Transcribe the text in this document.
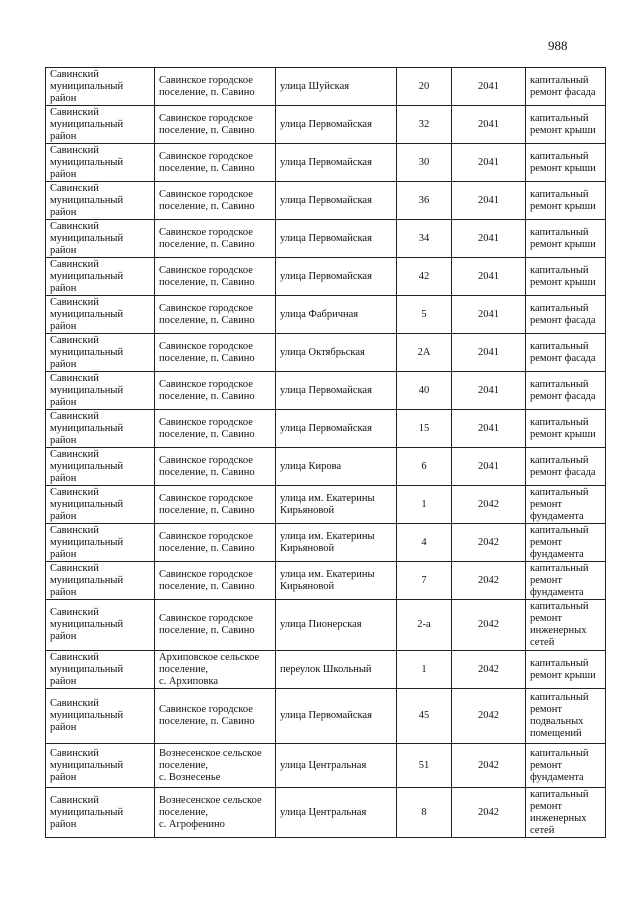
988
Савинский
муниципальный
район	Савинское городское
поселение, п. Савино	улица Шуйская	20	2041	капитальный
ремонт фасада

Савинский
муниципальный
район	Савинское городское
поселение, п. Савино	улица Первомайская	32	2041	капитальный
ремонт крыши

Савинский
муниципальный
район	Савинское городское
поселение, п. Савино	улица Первомайская	30	2041	капитальный
ремонт крыши

Савинский
муниципальный
район	Савинское городское
поселение, п. Савино	улица Первомайская	36	2041	капитальный
ремонт крыши

Савинский
муниципальный
район	Савинское городское
поселение, п. Савино	улица Первомайская	34	2041	капитальный
ремонт крыши

Савинский
муниципальный
район	Савинское городское
поселение, п. Савино	улица Первомайская	42	2041	капитальный
ремонт крыши

Савинский
муниципальный
район	Савинское городское
поселение, п. Савино	улица Фабричная	5	2041	капитальный
ремонт фасада

Савинский
муниципальный
район	Савинское городское
поселение, п. Савино	улица Октябрьская	2А	2041	капитальный
ремонт фасада

Савинский
муниципальный
район	Савинское городское
поселение, п. Савино	улица Первомайская	40	2041	капитальный
ремонт фасада

Савинский
муниципальный
район	Савинское городское
поселение, п. Савино	улица Первомайская	15	2041	капитальный
ремонт крыши

Савинский
муниципальный
район	Савинское городское
поселение, п. Савино	улица Кирова	6	2041	капитальный
ремонт фасада

Савинский
муниципальный
район	Савинское городское
поселение, п. Савино	улица им. Екатерины
Кирьяновой	1	2042	капитальный
ремонт
фундамента

Савинский
муниципальный
район	Савинское городское
поселение, п. Савино	улица им. Екатерины
Кирьяновой	4	2042	капитальный
ремонт
фундамента

Савинский
муниципальный
район	Савинское городское
поселение, п. Савино	улица им. Екатерины
Кирьяновой	7	2042	капитальный
ремонт
фундамента

Савинский
муниципальный
район	Савинское городское
поселение, п. Савино	улица Пионерская	2-а	2042	капитальный
ремонт
инженерных
сетей

Савинский
муниципальный
район	Архиповское сельское
поселение,
с. Архиповка	переулок Школьный	1	2042	капитальный
ремонт крыши

Савинский
муниципальный
район	Савинское городское
поселение, п. Савино	улица Первомайская	45	2042	капитальный
ремонт
подвальных
помещений

Савинский
муниципальный
район	Вознесенское сельское
поселение,
с. Вознесенье	улица Центральная	51	2042	капитальный
ремонт
фундамента

Савинский
муниципальный
район	Вознесенское сельское
поселение,
с. Агрофенино	улица Центральная	8	2042	капитальный
ремонт
инженерных
сетей
